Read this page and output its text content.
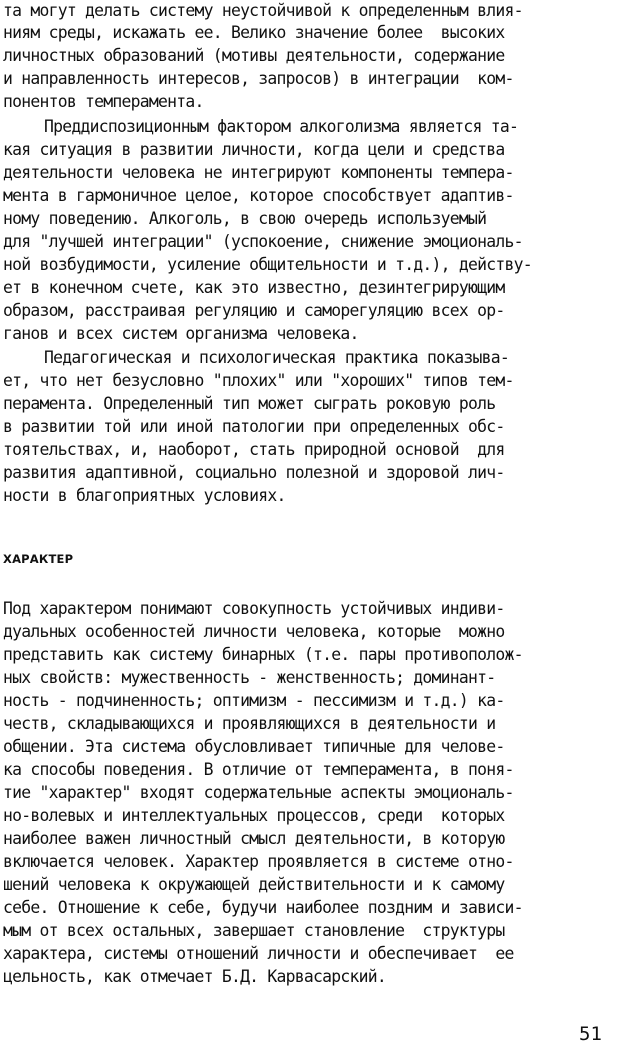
та могут делать систему неустойчивой к определенным влия-
ниям среды, искажать ее. Велико значение более  высоких
личностных образований (мотивы деятельности, содержание
и направленность интересов, запросов) в интеграции  ком-
понентов темперамента.
Преддиспозиционным фактором алкоголизма является та-
кая ситуация в развитии личности, когда цели и средства
деятельности человека не интегрируют компоненты темпера-
мента в гармоничное целое, которое способствует адаптив-
ному поведению. Алкоголь, в свою очередь используемый
для "лучшей интеграции" (успокоение, снижение эмоциональ-
ной возбудимости, усиление общительности и т.д.), действу-
ет в конечном счете, как это известно, дезинтегрирующим
образом, расстраивая регуляцию и саморегуляцию всех ор-
ганов и всех систем организма человека.
Педагогическая и психологическая практика показыва-
ет, что нет безусловно "плохих" или "хороших" типов тем-
перамента. Определенный тип может сыграть роковую роль
в развитии той или иной патологии при определенных обс-
тоятельствах, и, наоборот, стать природной основой  для
развития адаптивной, социально полезной и здоровой лич-
ности в благоприятных условиях.
ХАРАКТЕР
Под характером понимают совокупность устойчивых индиви-
дуальных особенностей личности человека, которые  можно
представить как систему бинарных (т.е. пары противополож-
ных свойств: мужественность - женственность; доминант-
ность - подчиненность; оптимизм - пессимизм и т.д.) ка-
честв, складывающихся и проявляющихся в деятельности и
общении. Эта система обусловливает типичные для челове-
ка способы поведения. В отличие от темперамента, в поня-
тие "характер" входят содержательные аспекты эмоциональ-
но-волевых и интеллектуальных процессов, среди  которых
наиболее важен личностный смысл деятельности, в которую
включается человек. Характер проявляется в системе отно-
шений человека к окружающей действительности и к самому
себе. Отношение к себе, будучи наиболее поздним и зависи-
мым от всех остальных, завершает становление  структуры
характера, системы отношений личности и обеспечивает  ее
цельность, как отмечает Б.Д. Карвасарский.
51
